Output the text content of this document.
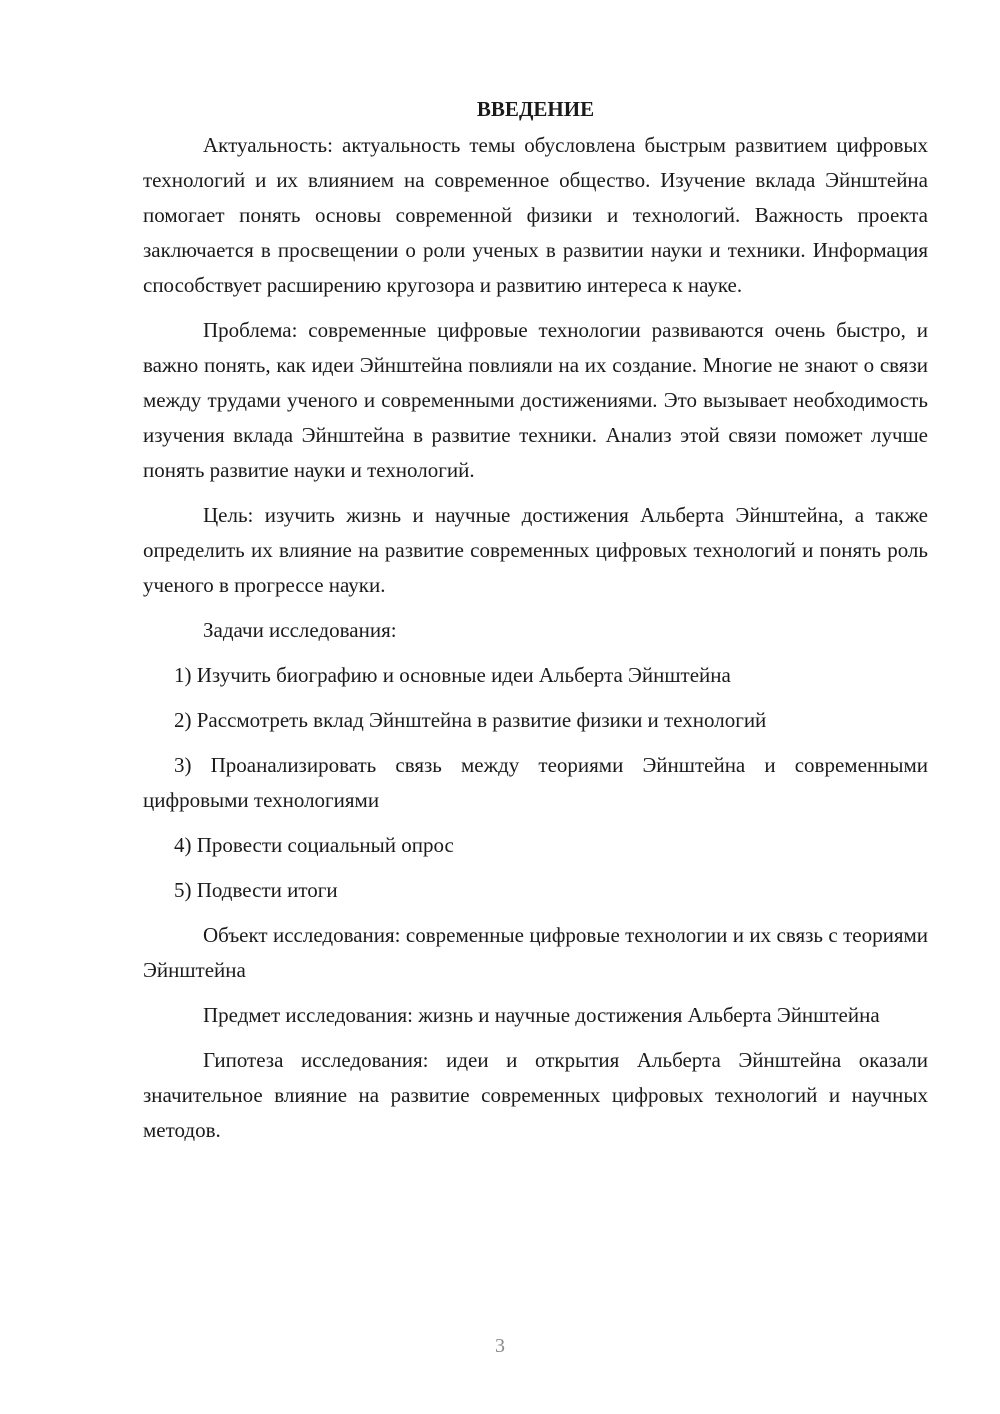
ВВЕДЕНИЕ

Актуальность: актуальность темы обусловлена быстрым развитием цифровых технологий и их влиянием на современное общество. Изучение вклада Эйнштейна помогает понять основы современной физики и технологий. Важность проекта заключается в просвещении о роли ученых в развитии науки и техники. Информация способствует расширению кругозора и развитию интереса к науке.

Проблема: современные цифровые технологии развиваются очень быстро, и важно понять, как идеи Эйнштейна повлияли на их создание. Многие не знают о связи между трудами ученого и современными достижениями. Это вызывает необходимость изучения вклада Эйнштейна в развитие техники. Анализ этой связи поможет лучше понять развитие науки и технологий.

Цель: изучить жизнь и научные достижения Альберта Эйнштейна, а также определить их влияние на развитие современных цифровых технологий и понять роль ученого в прогрессе науки.

Задачи исследования:

1) Изучить биографию и основные идеи Альберта Эйнштейна

2) Рассмотреть вклад Эйнштейна в развитие физики и технологий

3) Проанализировать связь между теориями Эйнштейна и современными цифровыми технологиями

4) Провести социальный опрос

5) Подвести итоги

Объект исследования: современные цифровые технологии и их связь с теориями Эйнштейна

Предмет исследования: жизнь и научные достижения Альберта Эйнштейна

Гипотеза исследования: идеи и открытия Альберта Эйнштейна оказали значительное влияние на развитие современных цифровых технологий и научных методов.

3
